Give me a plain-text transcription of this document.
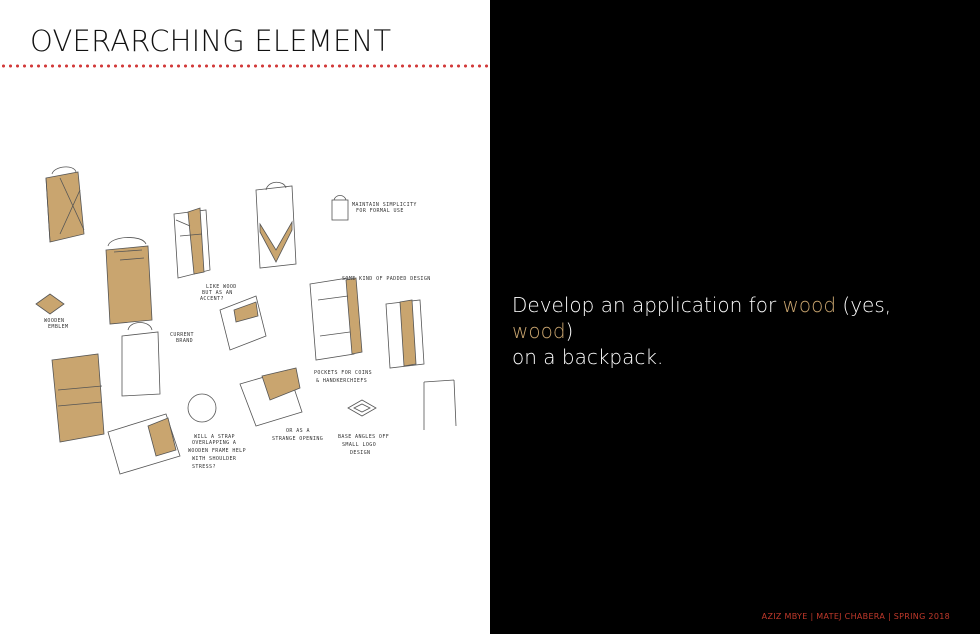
OVERARCHING ELEMENT
MAINTAIN SIMPLICITY
FOR FORMAL USE
SOME KIND OF PADDED DESIGN
WOODEN
EMBLEM
LIKE WOOD
BUT AS AN
ACCENT?
CURRENT
BRAND
POCKETS FOR COINS
& HANDKERCHIEFS
OR AS A
STRANGE OPENING	BASE ANGLES OFF
SMALL LOGO
DESIGN
WILL A STRAP
OVERLAPPING A
WOODEN FRAME HELP
WITH SHOULDER
STRESS?
Develop an application for wood (yes, wood)
on a backpack.
AZIZ MBYE | MATEJ CHABERA | SPRING 2018
